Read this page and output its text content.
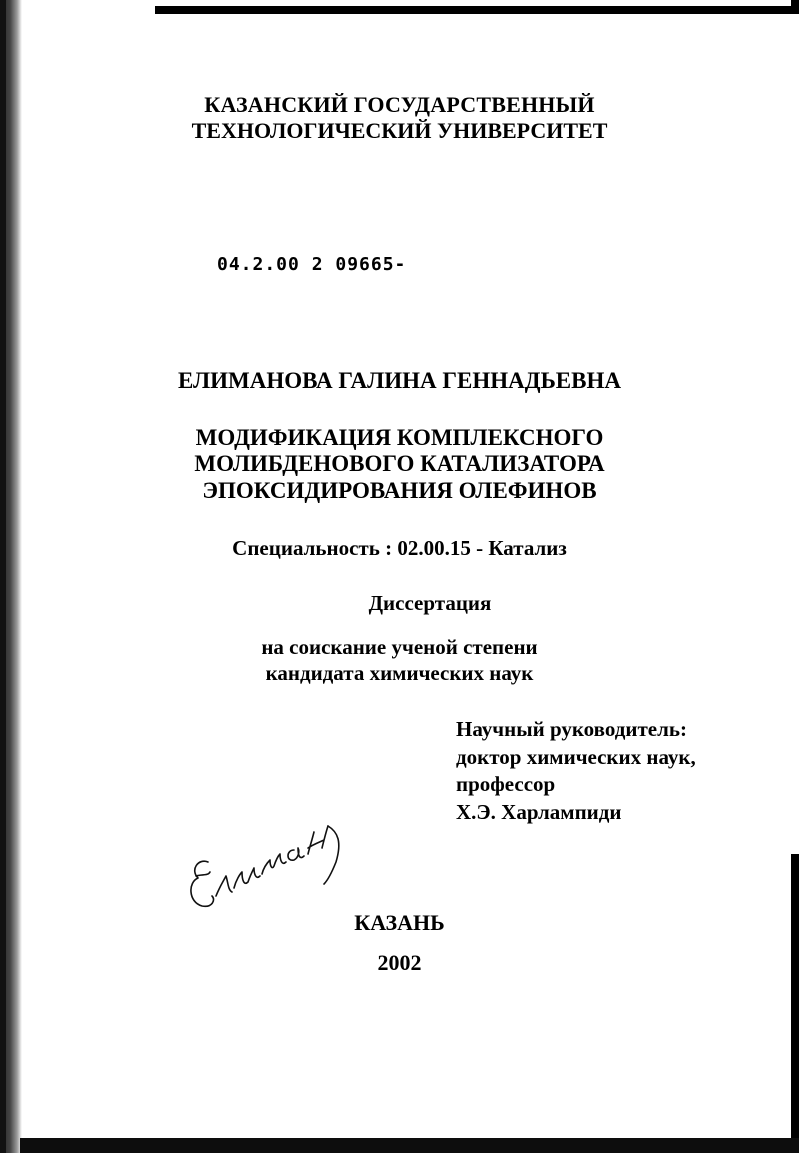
КАЗАНСКИЙ ГОСУДАРСТВЕННЫЙ
ТЕХНОЛОГИЧЕСКИЙ УНИВЕРСИТЕТ
04.2.00 2 09665-
ЕЛИМАНОВА ГАЛИНА ГЕННАДЬЕВНА
МОДИФИКАЦИЯ КОМПЛЕКСНОГО
МОЛИБДЕНОВОГО КАТАЛИЗАТОРА
ЭПОКСИДИРОВАНИЯ ОЛЕФИНОВ
Специальность : 02.00.15 - Катализ
Диссертация
на соискание ученой степени
кандидата химических наук
Научный руководитель:
доктор химических наук,
профессор
Х.Э. Харлампиди
КАЗАНЬ
2002
